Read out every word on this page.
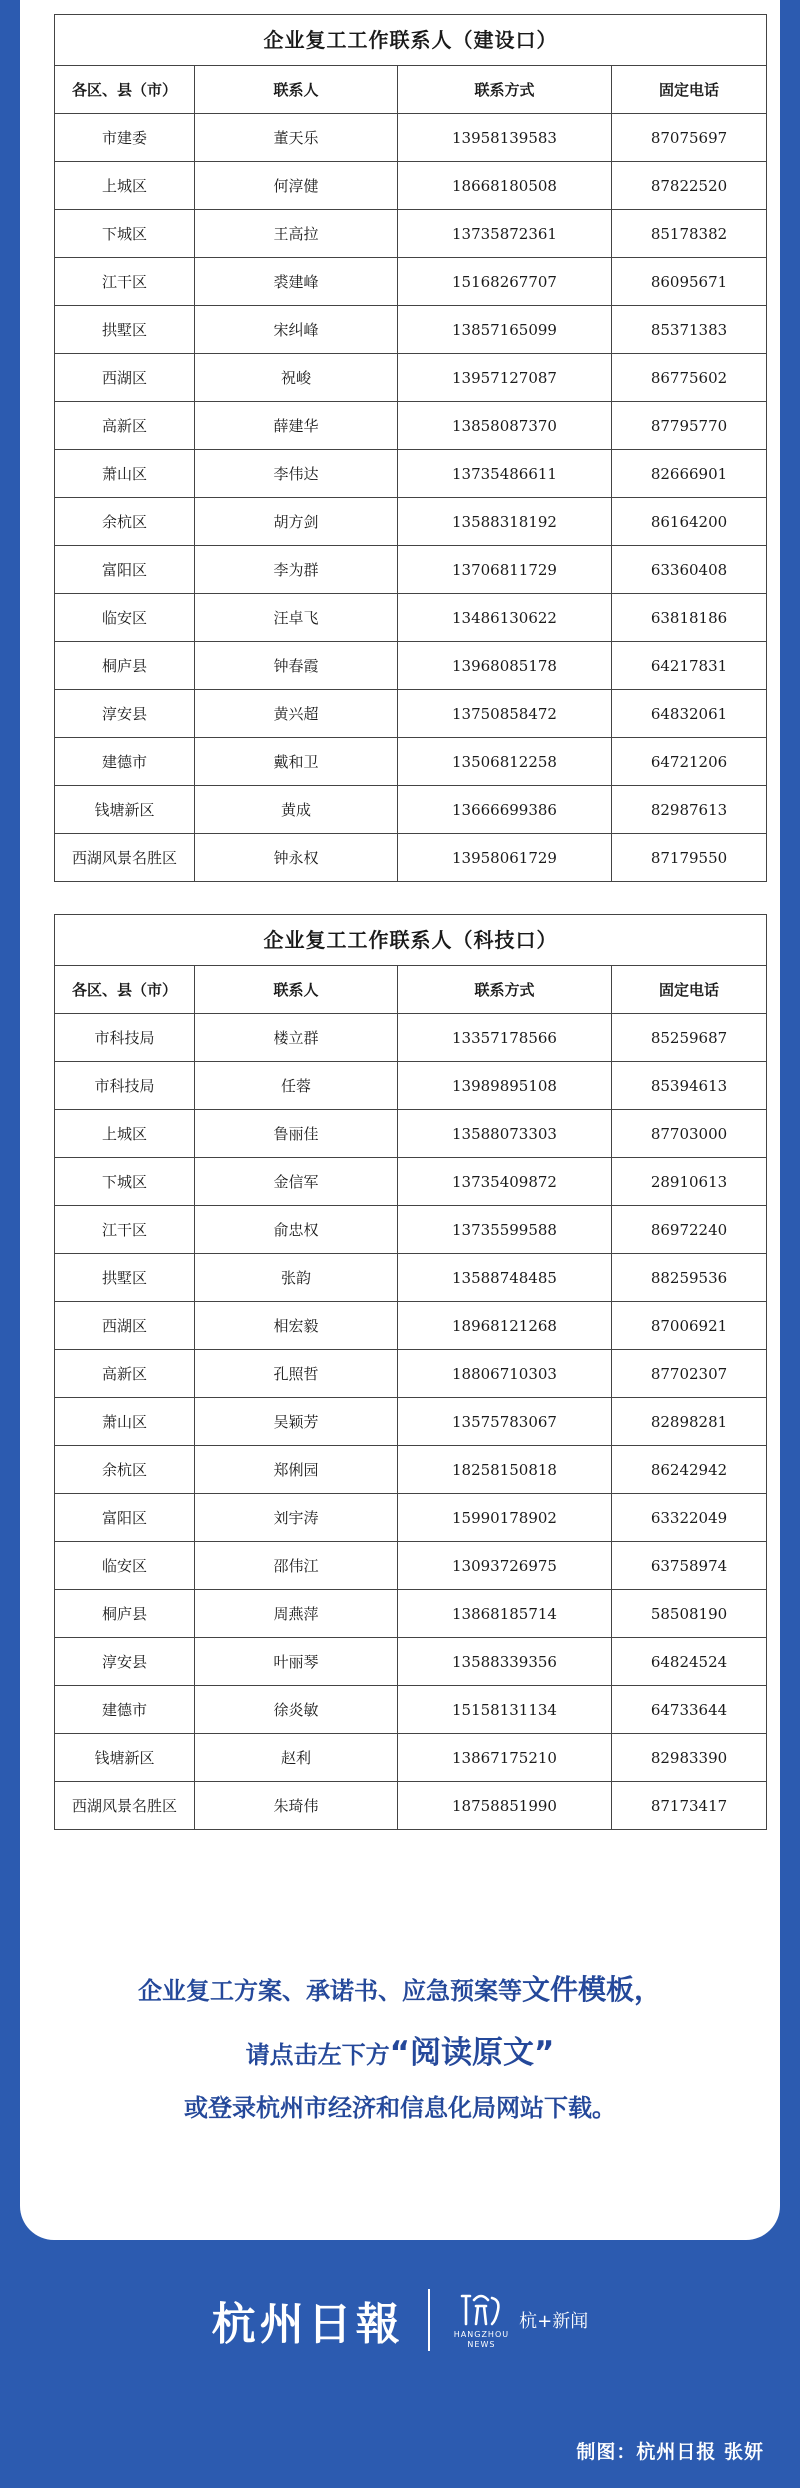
企业复工工作联系人（建设口）
各区、县（市）	联系人	联系方式	固定电话
市建委	董天乐	13958139583	87075697
上城区	何淳健	18668180508	87822520
下城区	王高拉	13735872361	85178382
江干区	裘建峰	15168267707	86095671
拱墅区	宋纠峰	13857165099	85371383
西湖区	祝峻	13957127087	86775602
高新区	薛建华	13858087370	87795770
萧山区	李伟达	13735486611	82666901
余杭区	胡方剑	13588318192	86164200
富阳区	李为群	13706811729	63360408
临安区	汪卓飞	13486130622	63818186
桐庐县	钟春霞	13968085178	64217831
淳安县	黄兴超	13750858472	64832061
建德市	戴和卫	13506812258	64721206
钱塘新区	黄成	13666699386	82987613
西湖风景名胜区	钟永权	13958061729	87179550
企业复工工作联系人（科技口）
各区、县（市）	联系人	联系方式	固定电话
市科技局	楼立群	13357178566	85259687
市科技局	任蓉	13989895108	85394613
上城区	鲁丽佳	13588073303	87703000
下城区	金信军	13735409872	28910613
江干区	俞忠权	13735599588	86972240
拱墅区	张韵	13588748485	88259536
西湖区	相宏毅	18968121268	87006921
高新区	孔照哲	18806710303	87702307
萧山区	吴颖芳	13575783067	82898281
余杭区	郑俐园	18258150818	86242942
富阳区	刘宇涛	15990178902	63322049
临安区	邵伟江	13093726975	63758974
桐庐县	周燕萍	13868185714	58508190
淳安县	叶丽琴	13588339356	64824524
建德市	徐炎敏	15158131134	64733644
钱塘新区	赵利	13867175210	82983390
西湖风景名胜区	朱琦伟	18758851990	87173417
企业复工方案、承诺书、应急预案等文件模板，
请点击左下方“阅读原文”
或登录杭州市经济和信息化局网站下载。
杭州日報	HANGZHOU
NEWS
杭+新闻
制图：杭州日报 张妍
